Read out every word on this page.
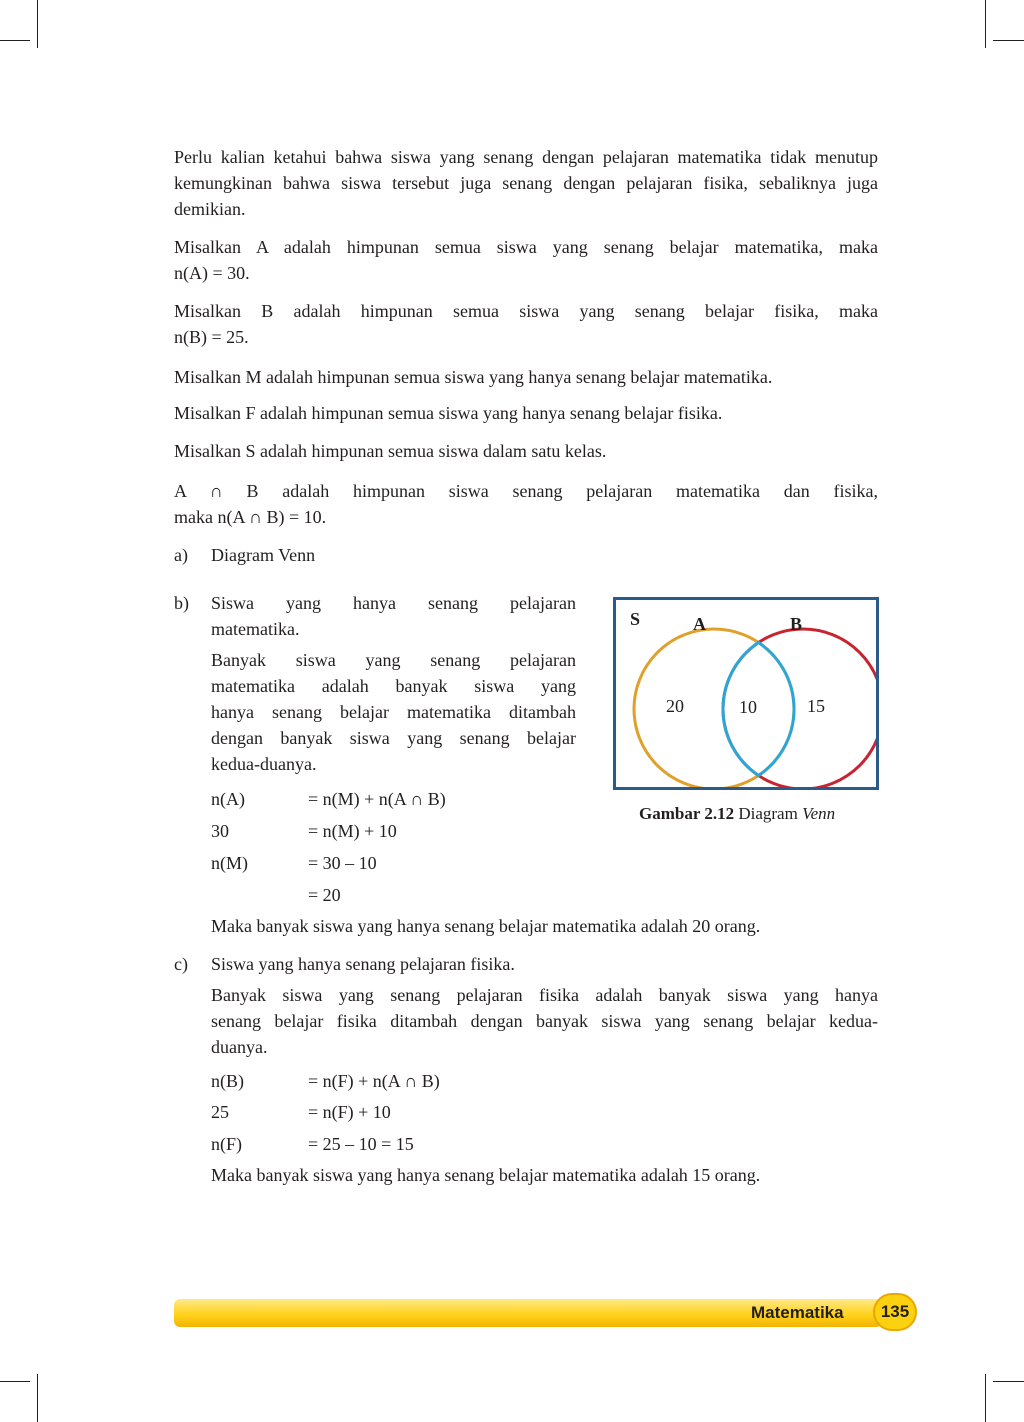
Perlu kalian ketahui bahwa siswa yang senang dengan pelajaran matematika tidak menutup kemungkinan bahwa siswa tersebut juga senang dengan pelajaran fisika, sebaliknya juga demikian.

Misalkan A adalah himpunan semua siswa yang senang belajar matematika, maka

n(A) = 30.

Misalkan B adalah himpunan semua siswa yang senang belajar fisika, maka

n(B) = 25.

Misalkan M adalah himpunan semua siswa yang hanya senang belajar matematika.

Misalkan F adalah himpunan semua siswa yang hanya senang belajar fisika.

Misalkan S adalah himpunan semua siswa dalam satu kelas.

A ∩ B adalah himpunan siswa senang pelajaran matematika dan fisika,

maka n(A ∩ B) = 10.

a) Diagram Venn
b) Siswa yang hanya senang pelajaran

matematika.

Banyak siswa yang senang pelajaran

matematika adalah banyak siswa yang

hanya senang belajar matematika ditambah

dengan banyak siswa yang senang belajar

kedua-duanya.

n(A)	= n(M) + n(A ∩ B)
30	= n(M) + 10
n(M)	= 30 – 10
= 20
Maka banyak siswa yang hanya senang belajar matematika adalah 20 orang.
S	A	B
20	10	15
Gambar 2.12 Diagram Venn
c) Siswa yang hanya senang pelajaran fisika.

Banyak siswa yang senang pelajaran fisika adalah banyak siswa yang hanya

senang belajar fisika ditambah dengan banyak siswa yang senang belajar kedua-

duanya.

n(B)	= n(F) + n(A ∩ B)
25	= n(F) + 10
n(F)	= 25 – 10 = 15
Maka banyak siswa yang hanya senang belajar matematika adalah 15 orang.
Matematika	135
